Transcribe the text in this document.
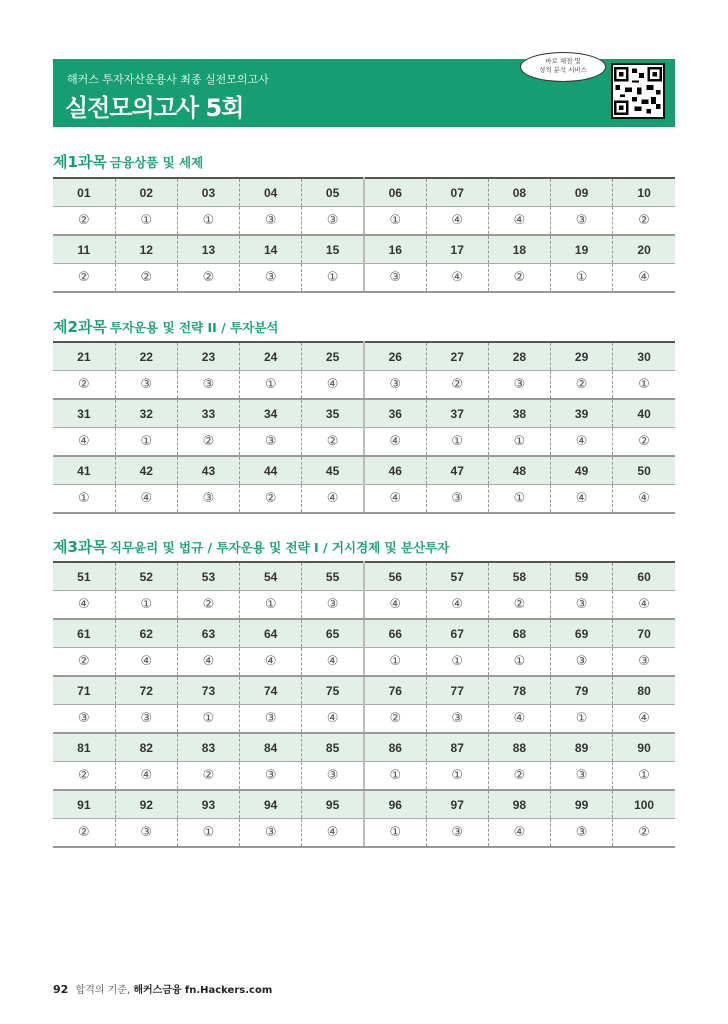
해커스 투자자산운용사 최종 실전모의고사
실전모의고사 5회
바로 채점 및
성적 분석 서비스
제1과목 금융상품 및 세제
01	02	03	04	05	06	07	08	09	10
②	①	①	③	③	①	④	④	③	②
11	12	13	14	15	16	17	18	19	20
②	②	②	③	①	③	④	②	①	④
제2과목 투자운용 및 전략 II / 투자분석
21	22	23	24	25	26	27	28	29	30
②	③	③	①	④	③	②	③	②	①
31	32	33	34	35	36	37	38	39	40
④	①	②	③	②	④	①	①	④	②
41	42	43	44	45	46	47	48	49	50
①	④	③	②	④	④	③	①	④	④
제3과목 직무윤리 및 법규 / 투자운용 및 전략 I / 거시경제 및 분산투자
51	52	53	54	55	56	57	58	59	60
④	①	②	①	③	④	④	②	③	④
61	62	63	64	65	66	67	68	69	70
②	④	④	④	④	①	①	①	③	③
71	72	73	74	75	76	77	78	79	80
③	③	①	③	④	②	③	④	①	④
81	82	83	84	85	86	87	88	89	90
②	④	②	③	③	①	①	②	③	①
91	92	93	94	95	96	97	98	99	100
②	③	①	③	④	①	③	④	③	②
92 합격의 기준, 해커스금융 fn.Hackers.com
